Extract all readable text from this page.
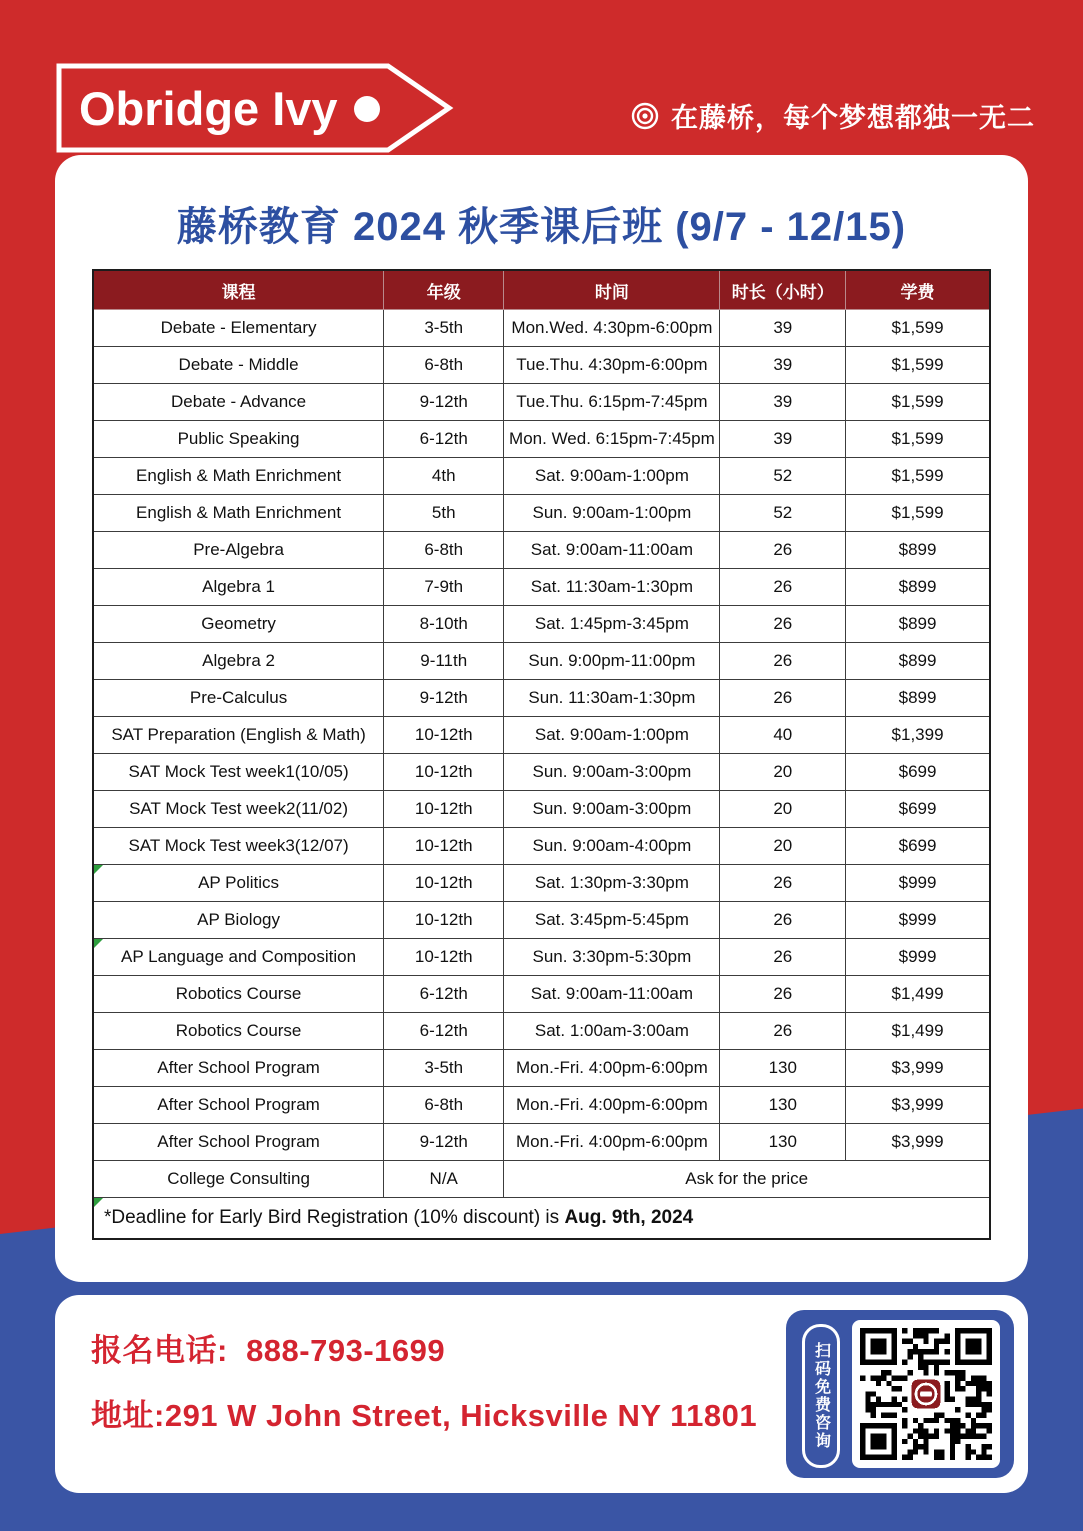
Obridge Ivy	在藤桥，每个梦想都独一无二
藤桥教育 2024 秋季课后班 (9/7 - 12/15)
课程	年级	时间	时长（小时）	学费
Debate - Elementary	3-5th	Mon.Wed. 4:30pm-6:00pm	39	$1,599
Debate - Middle	6-8th	Tue.Thu. 4:30pm-6:00pm	39	$1,599
Debate - Advance	9-12th	Tue.Thu. 6:15pm-7:45pm	39	$1,599
Public Speaking	6-12th	Mon. Wed. 6:15pm-7:45pm	39	$1,599
English & Math Enrichment	4th	Sat. 9:00am-1:00pm	52	$1,599
English & Math Enrichment	5th	Sun. 9:00am-1:00pm	52	$1,599
Pre-Algebra	6-8th	Sat. 9:00am-11:00am	26	$899
Algebra 1	7-9th	Sat. 11:30am-1:30pm	26	$899
Geometry	8-10th	Sat. 1:45pm-3:45pm	26	$899
Algebra 2	9-11th	Sun. 9:00pm-11:00pm	26	$899
Pre-Calculus	9-12th	Sun. 11:30am-1:30pm	26	$899
SAT Preparation (English & Math)	10-12th	Sat. 9:00am-1:00pm	40	$1,399
SAT Mock Test week1(10/05)	10-12th	Sun. 9:00am-3:00pm	20	$699
SAT Mock Test week2(11/02)	10-12th	Sun. 9:00am-3:00pm	20	$699
SAT Mock Test week3(12/07)	10-12th	Sun. 9:00am-4:00pm	20	$699

AP Politics	10-12th	Sat. 1:30pm-3:30pm	26	$999
AP Biology	10-12th	Sat. 3:45pm-5:45pm	26	$999

AP Language and Composition	10-12th	Sun. 3:30pm-5:30pm	26	$999
Robotics Course	6-12th	Sat. 9:00am-11:00am	26	$1,499
Robotics Course	6-12th	Sat. 1:00am-3:00am	26	$1,499
After School Program	3-5th	Mon.-Fri. 4:00pm-6:00pm	130	$3,999
After School Program	6-8th	Mon.-Fri. 4:00pm-6:00pm	130	$3,999
After School Program	9-12th	Mon.-Fri. 4:00pm-6:00pm	130	$3,999
College Consulting	N/A	Ask for the price		

*Deadline for Early Bird Registration (10% discount) is Aug. 9th, 2024				
报名电话: 888-793-1699
地址:291 W John Street, Hicksville NY 11801	扫码免费咨询
